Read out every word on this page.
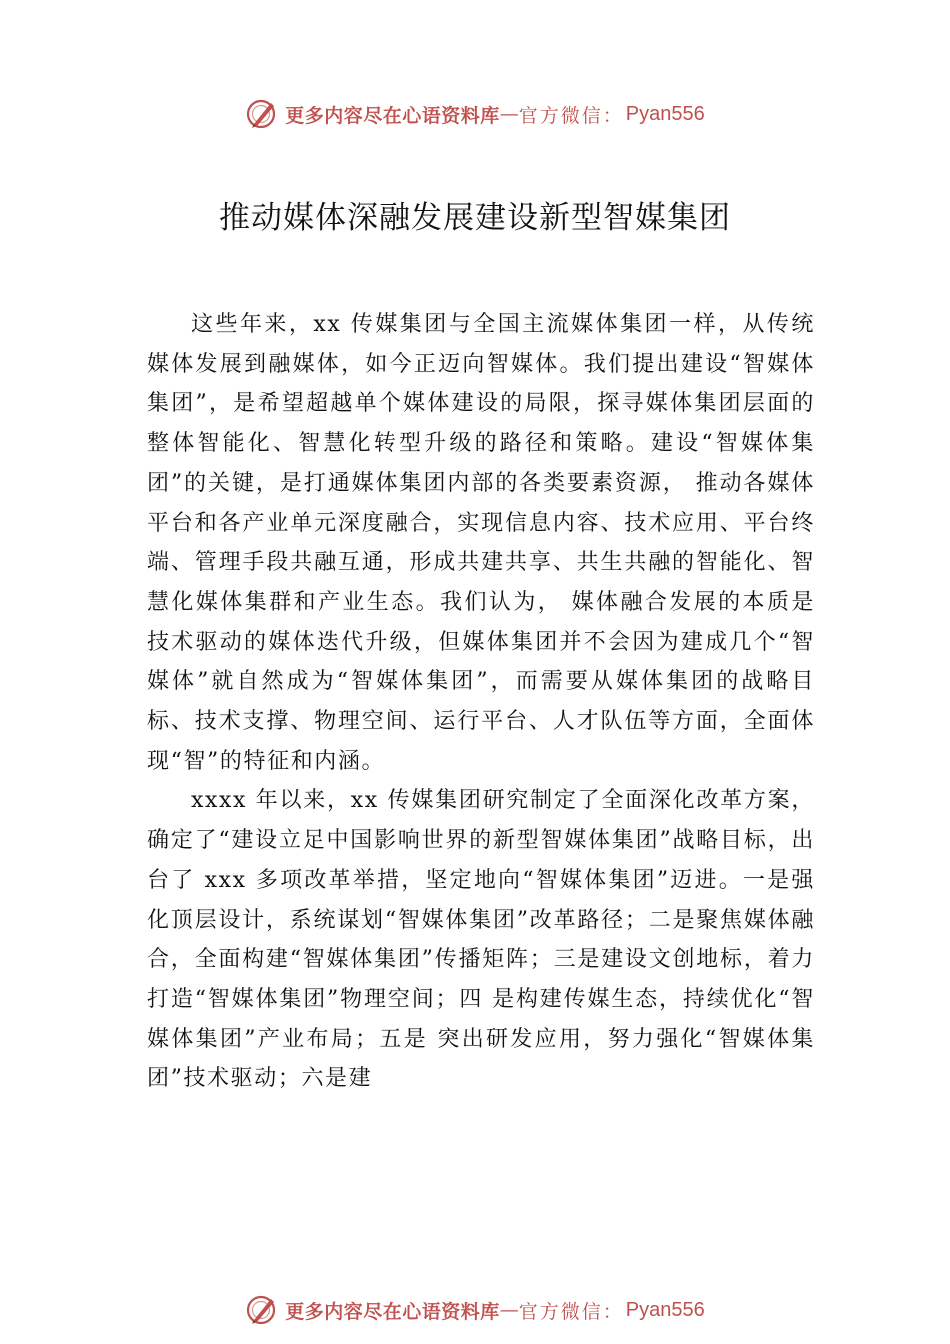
更多内容尽在心语资料库 — 官方微信： Pyan556
推动媒体深融发展建设新型智媒集团

这些年来，xx 传媒集团与全国主流媒体集团一样，从传统媒体发展到融媒体，如今正迈向智媒体。我们提出建设“智媒体集团”，是希望超越单个媒体建设的局限，探寻媒体集团层面的整体智能化、智慧化转型升级的路径和策略。建设“智媒体集团”的关键，是打通媒体集团内部的各类要素资源， 推动各媒体平台和各产业单元深度融合，实现信息内容、技术应用、平台终端、管理手段共融互通，形成共建共享、共生共融的智能化、智慧化媒体集群和产业生态。我们认为， 媒体融合发展的本质是技术驱动的媒体迭代升级，但媒体集团并不会因为建成几个“智媒体”就自然成为“智媒体集团”，而需要从媒体集团的战略目标、技术支撑、物理空间、运行平台、人才队伍等方面，全面体现“智”的特征和内涵。

xxxx 年以来，xx 传媒集团研究制定了全面深化改革方案，确定了“建设立足中国影响世界的新型智媒体集团”战略目标，出台了 xxx 多项改革举措，坚定地向“智媒体集团”迈进。一是强化顶层设计，系统谋划“智媒体集团”改革路径；二是聚焦媒体融合，全面构建“智媒体集团”传播矩阵；三是建设文创地标，着力打造“智媒体集团”物理空间；四 是构建传媒生态，持续优化“智媒体集团”产业布局；五是 突出研发应用，努力强化“智媒体集团”技术驱动；六是建

更多内容尽在心语资料库 — 官方微信： Pyan556
